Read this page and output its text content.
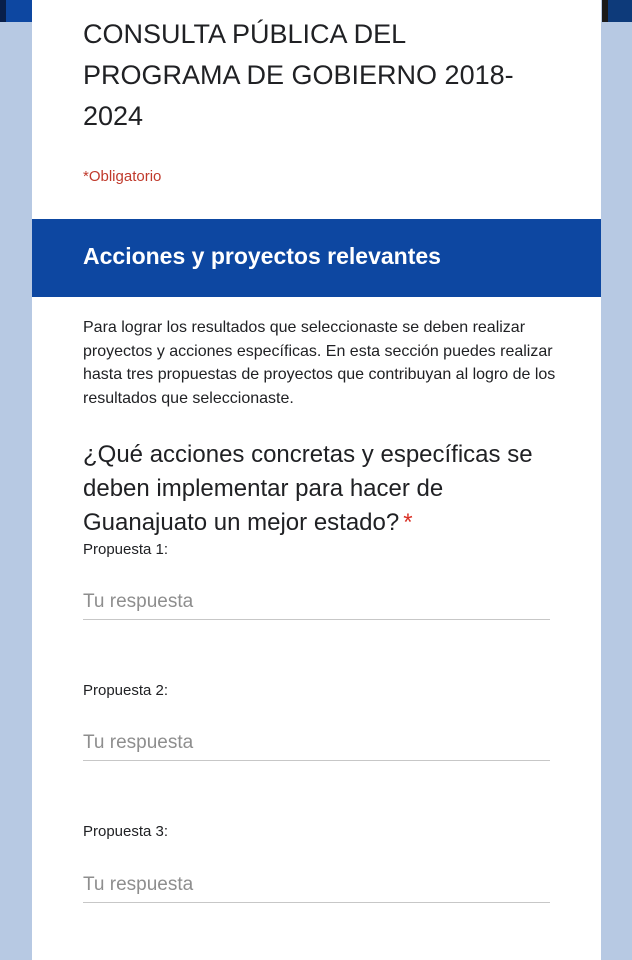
CONSULTA PÚBLICA DEL PROGRAMA DE GOBIERNO 2018-2024
*Obligatorio
Acciones y proyectos relevantes

Para lograr los resultados que seleccionaste se deben realizar proyectos y acciones específicas. En esta sección puedes realizar hasta tres propuestas de proyectos que contribuyan al logro de los resultados que seleccionaste.

¿Qué acciones concretas y específicas se deben implementar para hacer de Guanajuato un mejor estado? *
Propuesta 1:
Tu respuesta
Propuesta 2:
Tu respuesta
Propuesta 3:
Tu respuesta
